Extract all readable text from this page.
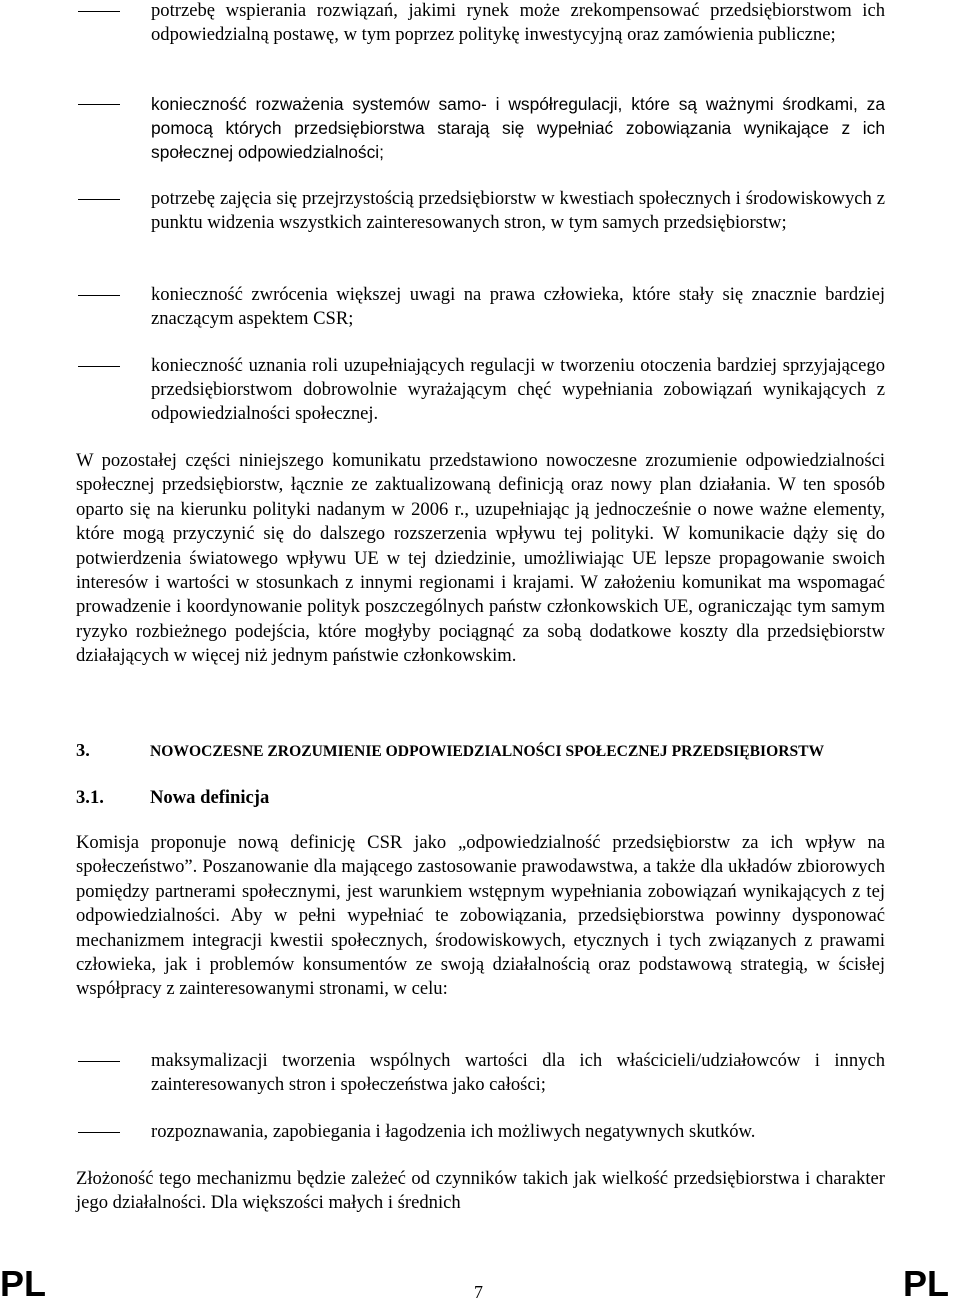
potrzebę wspierania rozwiązań, jakimi rynek może zrekompensować przedsiębiorstwom ich odpowiedzialną postawę, w tym poprzez politykę inwestycyjną oraz zamówienia publiczne;

konieczność rozważenia systemów samo- i współregulacji, które są ważnymi środkami, za pomocą których przedsiębiorstwa starają się wypełniać zobowiązania wynikające z ich społecznej odpowiedzialności;

potrzebę zajęcia się przejrzystością przedsiębiorstw w kwestiach społecznych i środowiskowych z punktu widzenia wszystkich zainteresowanych stron, w tym samych przedsiębiorstw;

konieczność zwrócenia większej uwagi na prawa człowieka, które stały się znacznie bardziej znaczącym aspektem CSR;

konieczność uznania roli uzupełniających regulacji w tworzeniu otoczenia bardziej sprzyjającego przedsiębiorstwom dobrowolnie wyrażającym chęć wypełniania zobowiązań wynikających z odpowiedzialności społecznej.

W pozostałej części niniejszego komunikatu przedstawiono nowoczesne zrozumienie odpowiedzialności społecznej przedsiębiorstw, łącznie ze zaktualizowaną definicją oraz nowy plan działania. W ten sposób oparto się na kierunku polityki nadanym w 2006 r., uzupełniając ją jednocześnie o nowe ważne elementy, które mogą przyczynić się do dalszego rozszerzenia wpływu tej polityki. W komunikacie dąży się do potwierdzenia światowego wpływu UE w tej dziedzinie, umożliwiając UE lepsze propagowanie swoich interesów i wartości w stosunkach z innymi regionami i krajami. W założeniu komunikat ma wspomagać prowadzenie i koordynowanie polityk poszczególnych państw członkowskich UE, ograniczając tym samym ryzyko rozbieżnego podejścia, które mogłyby pociągnąć za sobą dodatkowe koszty dla przedsiębiorstw działających w więcej niż jednym państwie członkowskim.

3.	NOWOCZESNE ZROZUMIENIE ODPOWIEDZIALNOŚCI SPOŁECZNEJ PRZEDSIĘBIORSTW
3.1. Nowa definicja

Komisja proponuje nową definicję CSR jako „odpowiedzialność przedsiębiorstw za ich wpływ na społeczeństwo”. Poszanowanie dla mającego zastosowanie prawodawstwa, a także dla układów zbiorowych pomiędzy partnerami społecznymi, jest warunkiem wstępnym wypełniania zobowiązań wynikających z tej odpowiedzialności. Aby w pełni wypełniać te zobowiązania, przedsiębiorstwa powinny dysponować mechanizmem integracji kwestii społecznych, środowiskowych, etycznych i tych związanych z prawami człowieka, jak i problemów konsumentów ze swoją działalnością oraz podstawową strategią, w ścisłej współpracy z zainteresowanymi stronami, w celu:

maksymalizacji tworzenia wspólnych wartości dla ich właścicieli/udziałowców i innych zainteresowanych stron i społeczeństwa jako całości;

rozpoznawania, zapobiegania i łagodzenia ich możliwych negatywnych skutków.

Złożoność tego mechanizmu będzie zależeć od czynników takich jak wielkość przedsiębiorstwa i charakter jego działalności. Dla większości małych i średnich

PL	7	PL
